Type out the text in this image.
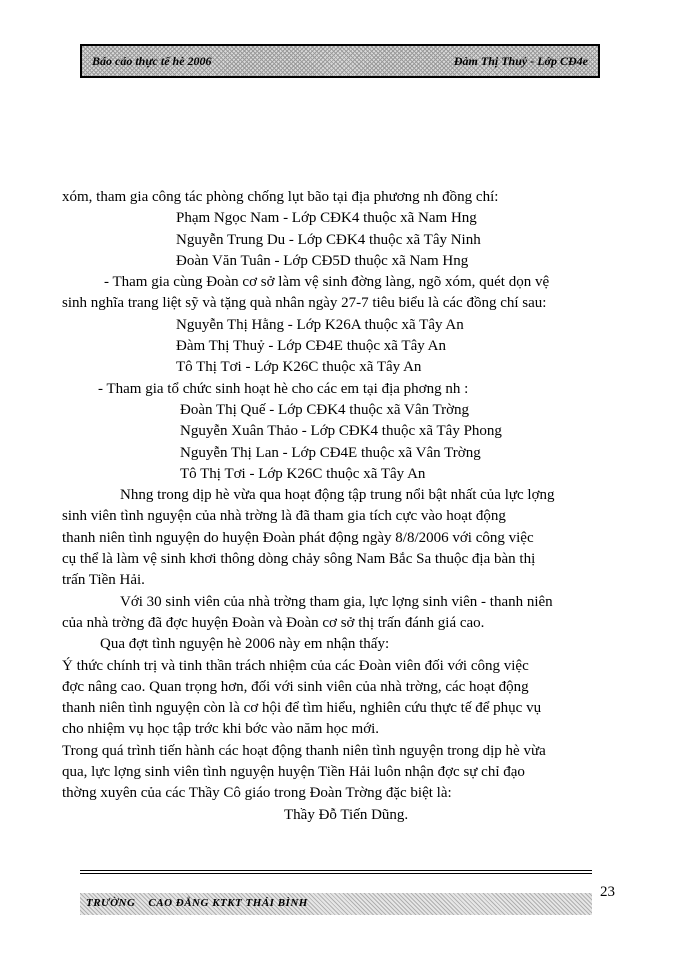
Báo cáo thực tế hè 2006	Đàm Thị Thuỷ - Lớp CĐ4e

xóm, tham gia công tác phòng chống lụt bão tại địa phương nh đồng chí:

Phạm Ngọc Nam - Lớp CĐK4 thuộc xã Nam Hng

Nguyễn Trung Du - Lớp CĐK4 thuộc xã Tây Ninh

Đoàn Văn Tuân - Lớp CĐ5D thuộc xã Nam Hng

- Tham gia cùng Đoàn cơ sở làm vệ sinh đờng làng, ngõ xóm, quét dọn vệ

sinh nghĩa trang liệt sỹ và tặng quà nhân ngày 27-7 tiêu biểu là các đồng chí sau:

Nguyễn Thị Hằng - Lớp K26A thuộc xã Tây An

Đàm Thị Thuỷ - Lớp CĐ4E thuộc xã Tây An

Tô Thị Tơi - Lớp K26C thuộc xã Tây An

- Tham gia tổ chức sinh hoạt hè cho các em tại địa phơng nh :

Đoàn Thị Quế - Lớp CĐK4 thuộc xã Vân Trờng

Nguyễn Xuân Thảo - Lớp CĐK4 thuộc xã Tây Phong

Nguyễn Thị Lan - Lớp CĐ4E thuộc xã Vân Trờng

Tô Thị Tơi - Lớp K26C thuộc xã Tây An

Nhng trong dịp hè vừa qua hoạt động tập trung nổi bật nhất của lực lợng

sinh viên tình nguyện của nhà trờng là đã tham gia tích cực vào hoạt động

thanh niên tình nguyện do huyện Đoàn phát động ngày 8/8/2006 với công việc

cụ thể là làm vệ sinh khơi thông dòng chảy sông Nam Bắc Sa thuộc địa bàn thị

trấn Tiền Hải.

Với 30 sinh viên của nhà trờng tham gia, lực lợng sinh viên - thanh niên

của nhà trờng đã đợc huyện Đoàn và Đoàn cơ sở thị trấn đánh giá cao.

Qua đợt tình nguyện hè 2006 này em nhận thấy:

Ý thức chính trị và tinh thần trách nhiệm của các Đoàn viên đối với công việc

đợc nâng cao. Quan trọng hơn, đối với sinh viên của nhà trờng, các hoạt động

thanh niên tình nguyện còn là cơ hội để tìm hiểu, nghiên cứu thực tế để phục vụ

cho nhiệm vụ học tập trớc khi bớc vào năm học mới.

Trong quá trình tiến hành các hoạt động thanh niên tình nguyện trong dịp hè vừa

qua, lực lợng sinh viên tình nguyện huyện Tiền Hải luôn nhận đợc sự chỉ đạo

thờng xuyên của các Thầy Cô giáo trong Đoàn Trờng đặc biệt là:

Thầy Đỗ Tiến Dũng.

TRƯỜNG    CAO ĐẲNG KTKT THÁI BÌNH
23
